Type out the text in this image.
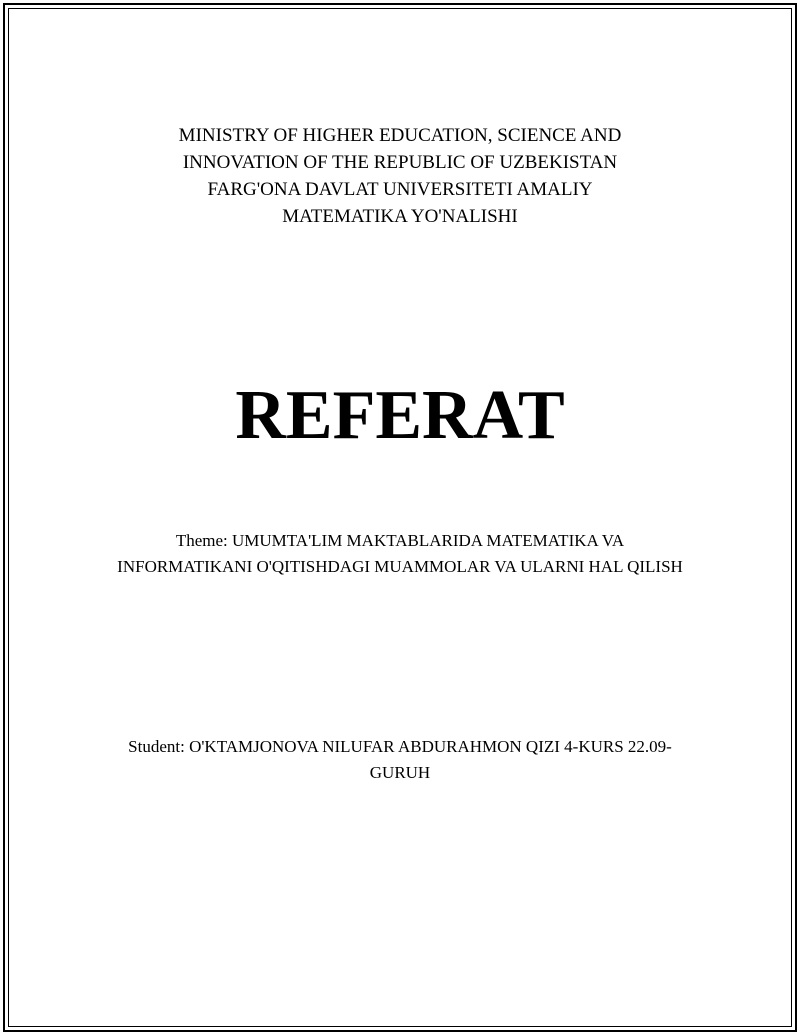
MINISTRY OF HIGHER EDUCATION, SCIENCE AND
INNOVATION OF THE REPUBLIC OF UZBEKISTAN
FARG'ONA DAVLAT UNIVERSITETI AMALIY
MATEMATIKA YO'NALISHI
REFERAT
Theme: UMUMTA'LIM MAKTABLARIDA MATEMATIKA VA INFORMATIKANI O'QITISHDAGI MUAMMOLAR VA ULARNI HAL QILISH
Student: O'KTAMJONOVA NILUFAR ABDURAHMON QIZI 4-KURS 22.09-GURUH
